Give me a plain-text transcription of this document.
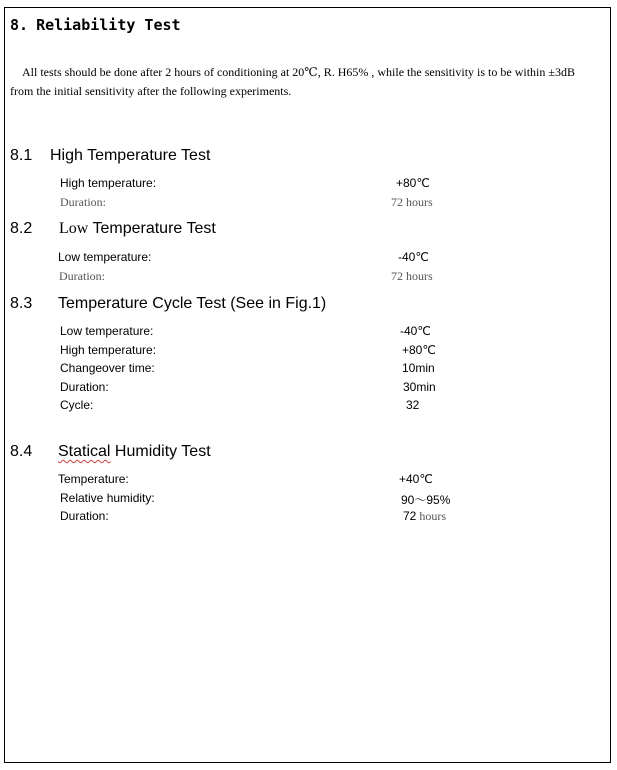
8. Reliability Test
All tests should be done after 2 hours of conditioning at 20℃, R. H65% , while the sensitivity is to be within ±3dB
from the initial sensitivity after the following experiments.
8.1 High Temperature Test
High temperature:	+80℃
Duration:	72 hours
8.2 Low Temperature Test
Low temperature:	-40℃
Duration:	72 hours
8.3 Temperature Cycle Test (See in Fig.1)
Low temperature:	-40℃
High temperature:	+80℃
Changeover time:	10min
Duration:	30min
Cycle:	32
8.4 Statical Humidity Test
Temperature:	+40℃
Relative humidity:	90～95%
Duration:	72 hours
